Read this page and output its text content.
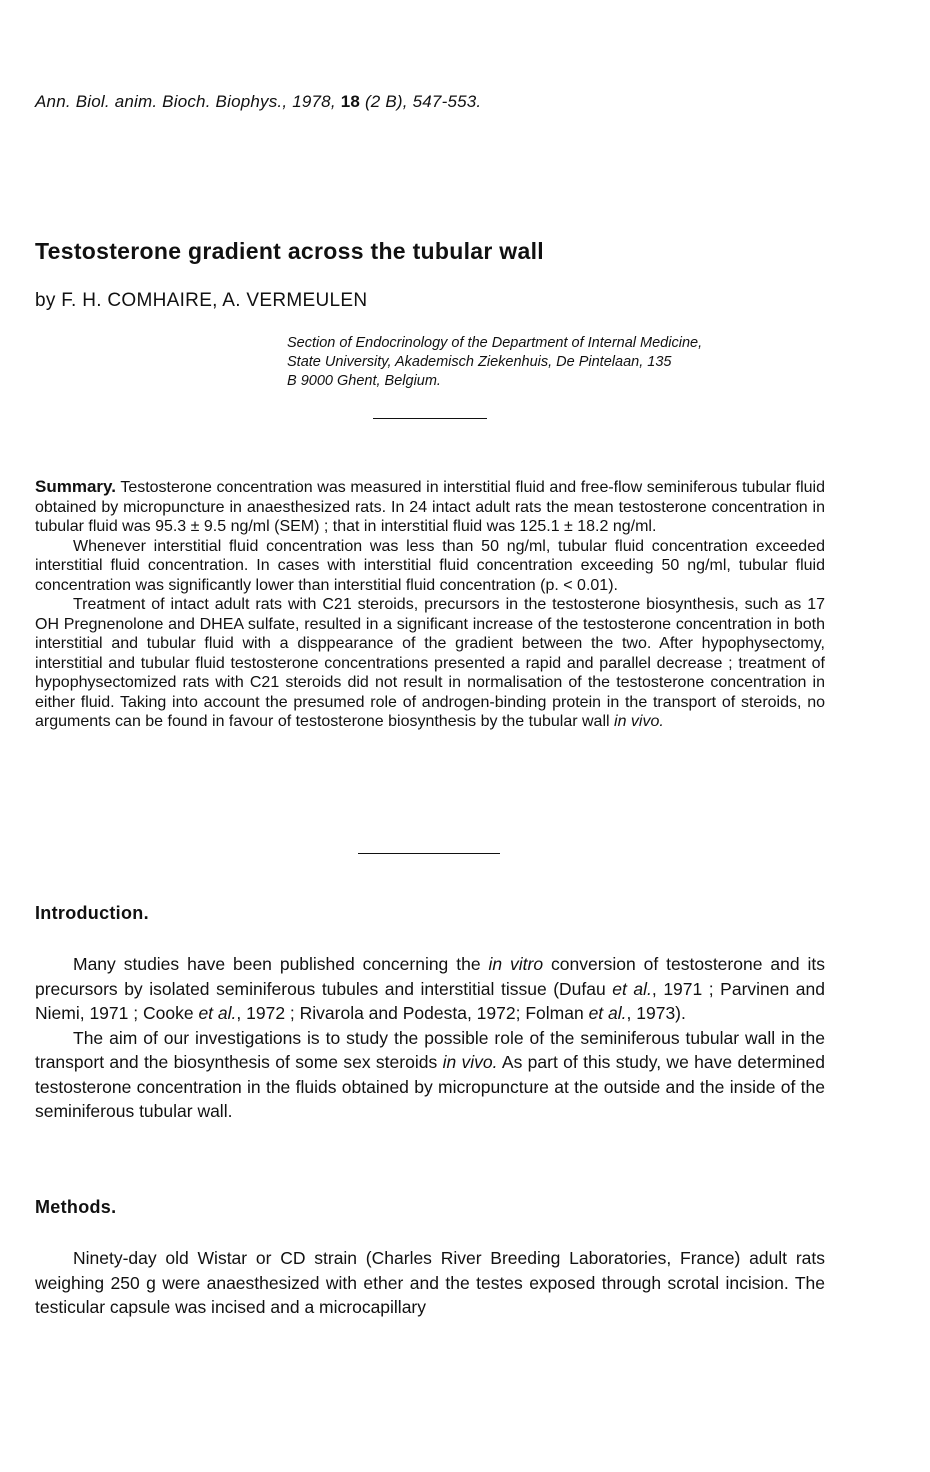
Ann. Biol. anim. Bioch. Biophys., 1978, 18 (2 B), 547-553.
Testosterone gradient across the tubular wall
by F. H. COMHAIRE, A. VERMEULEN
Section of Endocrinology of the Department of Internal Medicine,
State University, Akademisch Ziekenhuis, De Pintelaan, 135
B 9000 Ghent, Belgium.

Summary. Testosterone concentration was measured in interstitial fluid and free-flow seminiferous tubular fluid obtained by micropuncture in anaesthesized rats. In 24 intact adult rats the mean testosterone concentration in tubular fluid was 95.3 ± 9.5 ng/ml (SEM) ; that in interstitial fluid was 125.1 ± 18.2 ng/ml.

Whenever interstitial fluid concentration was less than 50 ng/ml, tubular fluid concentration exceeded interstitial fluid concentration. In cases with interstitial fluid concentration exceeding 50 ng/ml, tubular fluid concentration was significantly lower than interstitial fluid concentration (p. < 0.01).

Treatment of intact adult rats with C21 steroids, precursors in the testosterone biosynthesis, such as 17 OH Pregnenolone and DHEA sulfate, resulted in a significant increase of the testosterone concentration in both interstitial and tubular fluid with a disppearance of the gradient between the two. After hypophysectomy, interstitial and tubular fluid testosterone concentrations presented a rapid and parallel decrease ; treatment of hypophysectomized rats with C21 steroids did not result in normalisation of the testosterone concentration in either fluid. Taking into account the presumed role of androgen-binding protein in the transport of steroids, no arguments can be found in favour of testosterone biosynthesis by the tubular wall in vivo.

Introduction.

Many studies have been published concerning the in vitro conversion of testosterone and its precursors by isolated seminiferous tubules and interstitial tissue (Dufau et al., 1971 ; Parvinen and Niemi, 1971 ; Cooke et al., 1972 ; Rivarola and Podesta, 1972; Folman et al., 1973).

The aim of our investigations is to study the possible role of the seminiferous tubular wall in the transport and the biosynthesis of some sex steroids in vivo. As part of this study, we have determined testosterone concentration in the fluids obtained by micropuncture at the outside and the inside of the seminiferous tubular wall.

Methods.

Ninety-day old Wistar or CD strain (Charles River Breeding Laboratories, France) adult rats weighing 250 g were anaesthesized with ether and the testes exposed through scrotal incision. The testicular capsule was incised and a microcapillary
